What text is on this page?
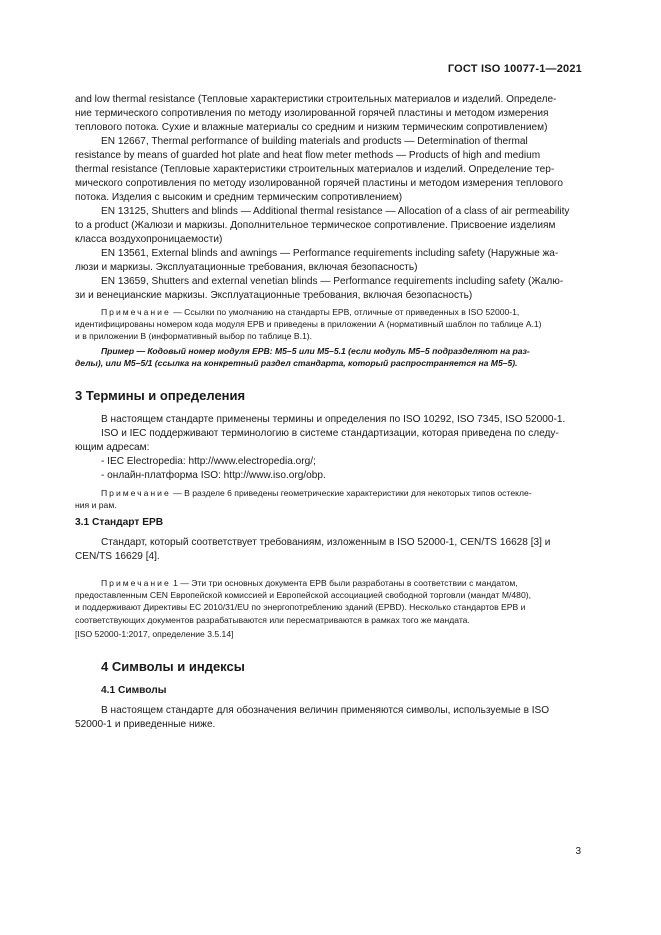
ГОСТ ISO 10077-1—2021

and low thermal resistance (Тепловые характеристики строительных материалов и изделий. Определе-

ние термического сопротивления по методу изолированной горячей пластины и методом измерения

теплового потока. Сухие и влажные материалы со средним и низким термическим сопротивлением)

EN 12667, Thermal performance of building materials and products — Determination of thermal

resistance by means of guarded hot plate and heat flow meter methods — Products of high and medium

thermal resistance (Тепловые характеристики строительных материалов и изделий. Определение тер-

мического сопротивления по методу изолированной горячей пластины и методом измерения теплового

потока. Изделия с высоким и средним термическим сопротивлением)

EN 13125, Shutters and blinds — Additional thermal resistance — Allocation of a class of air permeability

to a product (Жалюзи и маркизы. Дополнительное термическое сопротивление. Присвоение изделиям

класса воздухопроницаемости)

EN 13561, External blinds and awnings — Performance requirements including safety (Наружные жа-

люзи и маркизы. Эксплуатационные требования, включая безопасность)

EN 13659, Shutters and external venetian blinds — Performance requirements including safety (Жалю-

зи и венецианские маркизы. Эксплуатационные требования, включая безопасность)

Примечание — Ссылки по умолчанию на стандарты ЕРВ, отличные от приведенных в ISO 52000-1,

идентифицированы номером кода модуля ЕРВ и приведены в приложении А (нормативный шаблон по таблице А.1)

и в приложении В (информативный выбор по таблице В.1).

Пример — Кодовый номер модуля ЕРВ: М5–5 или М5–5.1 (если модуль М5–5 подразделяют на раз-

делы), или М5–5/1 (ссылка на конкретный раздел стандарта, который распространяется на М5–5).

3 Термины и определения

В настоящем стандарте применены термины и определения по ISO 10292, ISO 7345, ISO 52000-1.

ISO и IEC поддерживают терминологию в системе стандартизации, которая приведена по следу-

ющим адресам:

- IEC Electropedia: http://www.electropedia.org/;

- онлайн-платформа ISO: http://www.iso.org/obp.

Примечание — В разделе 6 приведены геометрические характеристики для некоторых типов остекле-

ния и рам.

3.1 Стандарт ЕРВ

Стандарт, который соответствует требованиям, изложенным в ISO 52000-1, CEN/TS 16628 [3] и

CEN/TS 16629 [4].

Примечание 1 — Эти три основных документа ЕРВ были разработаны в соответствии с мандатом,

предоставленным CEN Европейской комиссией и Европейской ассоциацией свободной торговли (мандат M/480),

и поддерживают Директивы ЕС 2010/31/EU по энергопотреблению зданий (EPBD). Несколько стандартов ЕРВ и

соответствующих документов разрабатываются или пересматриваются в рамках того же мандата.

[ISO 52000-1:2017, определение 3.5.14]

4 Символы и индексы
4.1 Символы

В настоящем стандарте для обозначения величин применяются символы, используемые в ISO

52000-1 и приведенные ниже.

3
